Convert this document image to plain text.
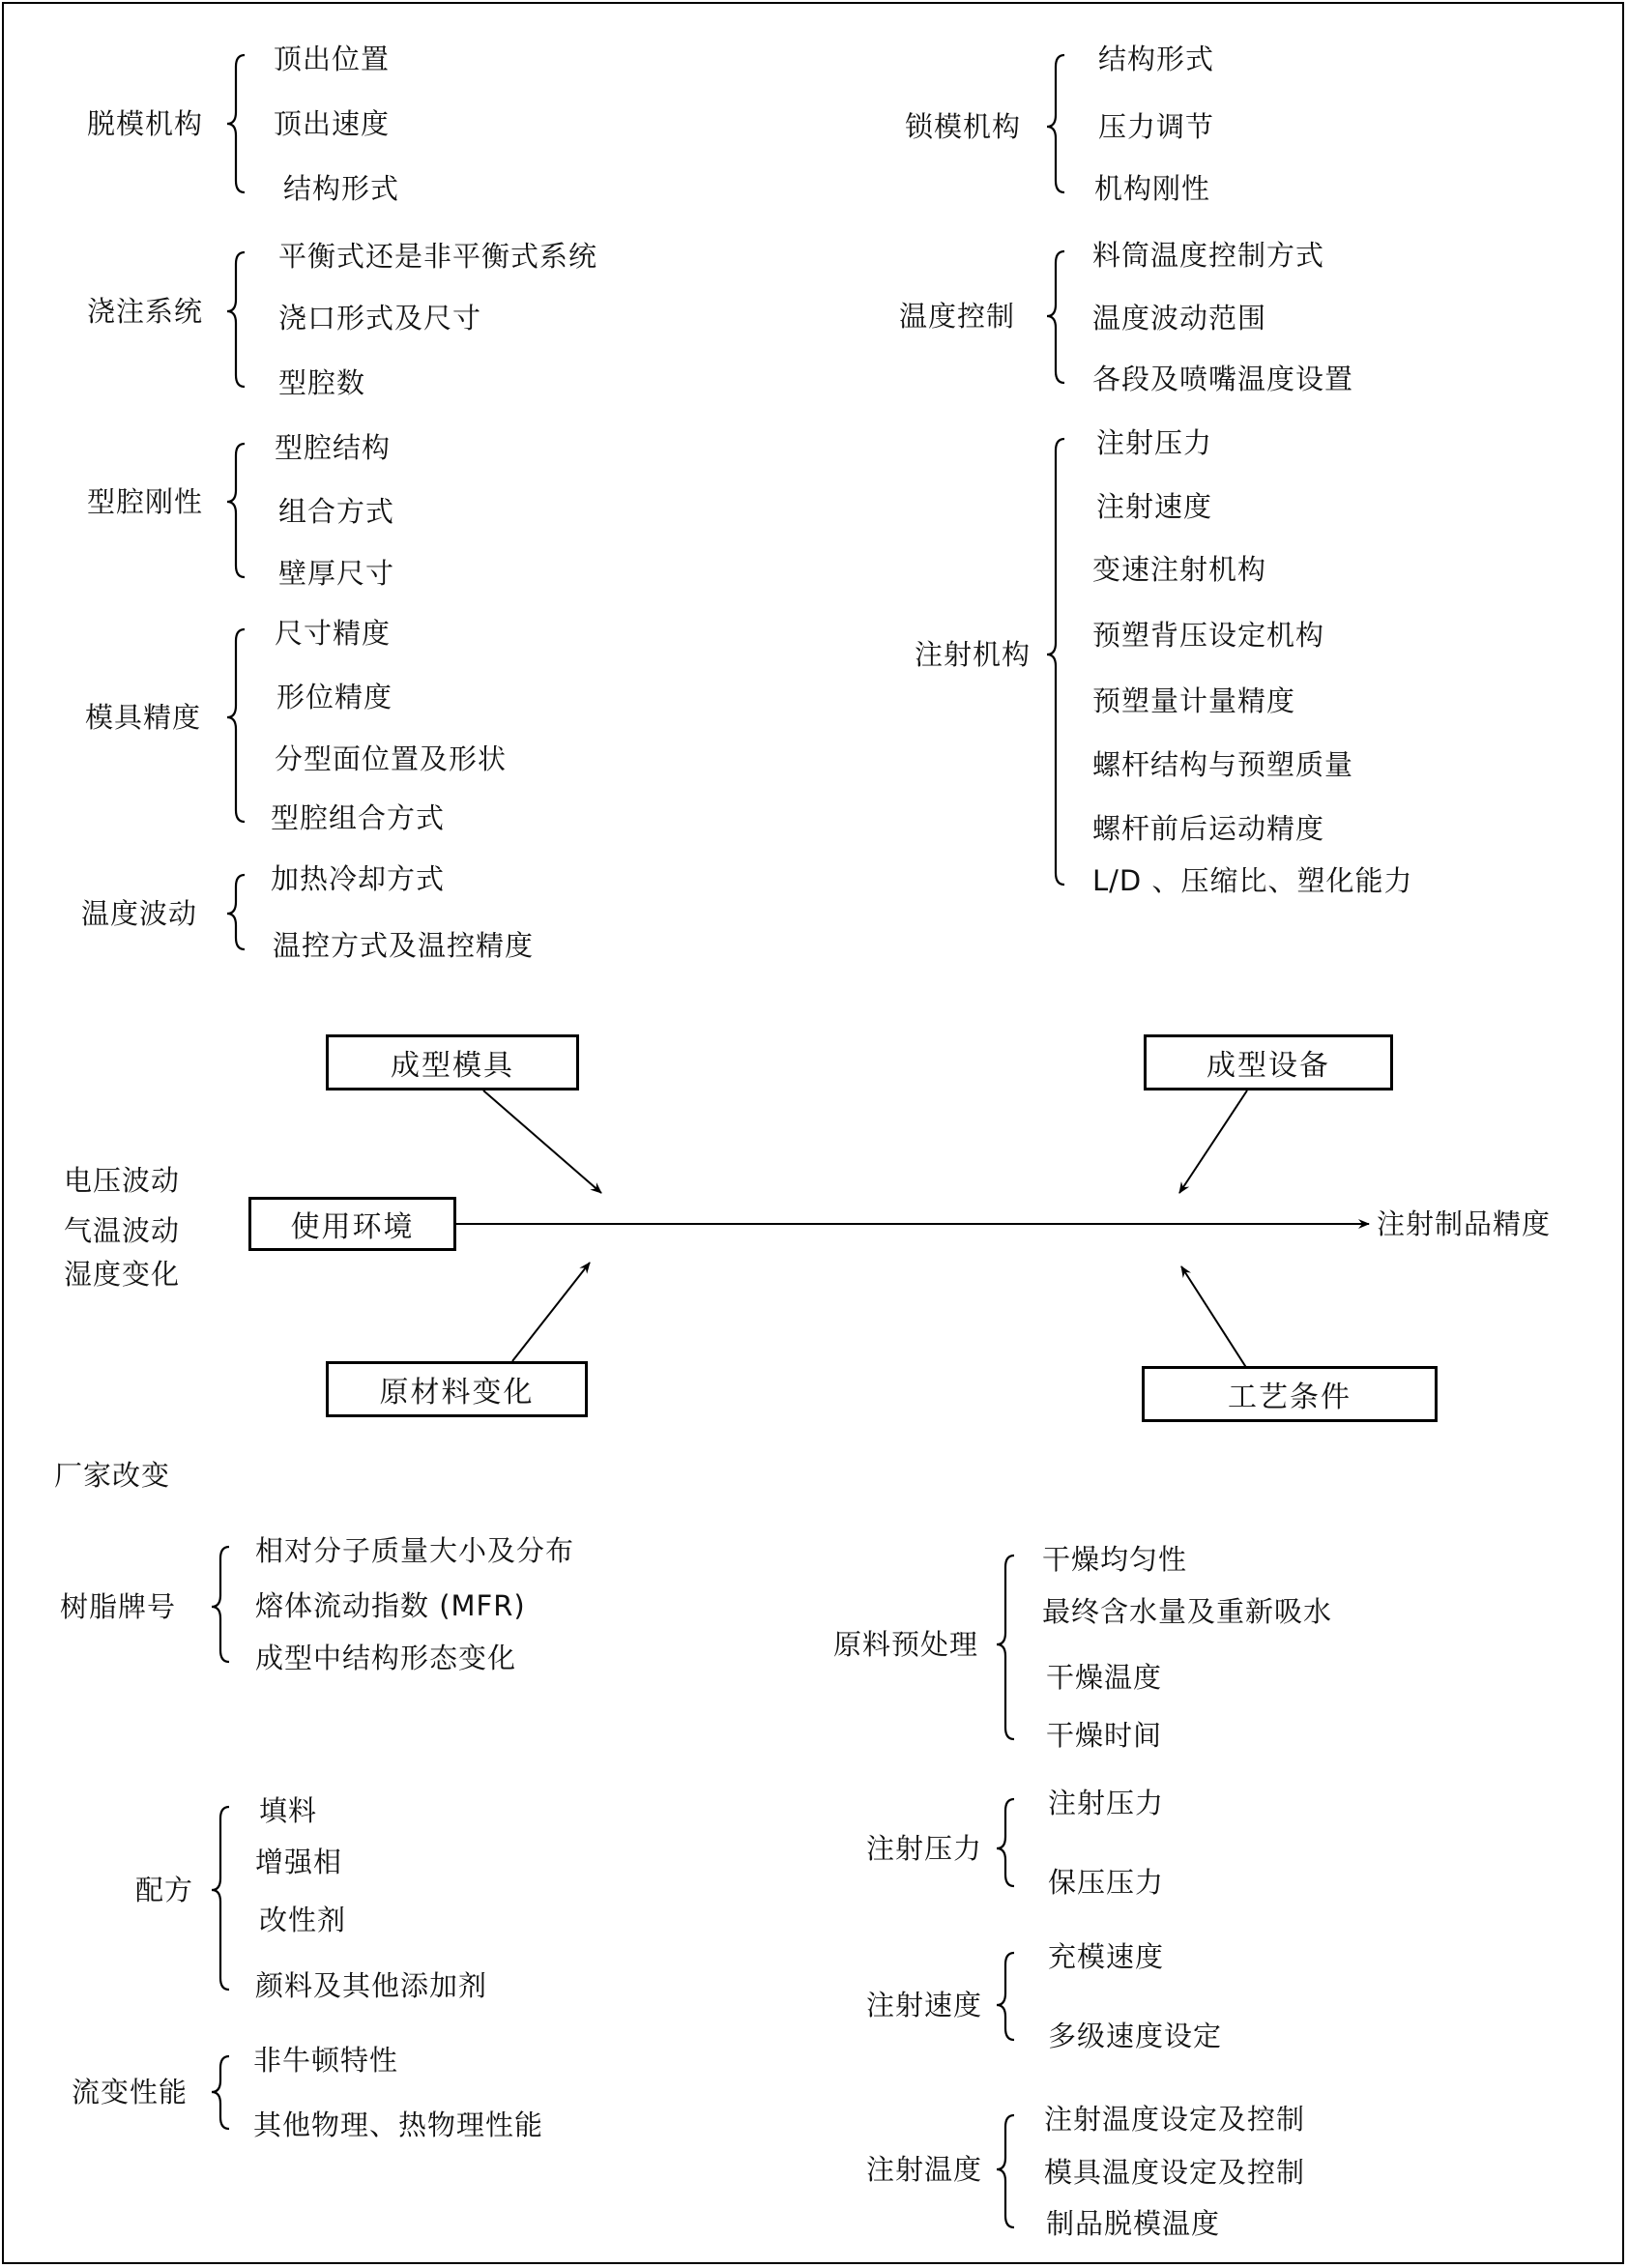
成型模具	成型设备
使用环境
原材料变化	工艺条件
注射制品精度
电压波动
气温波动
湿度变化
厂家改变
脱模机构
顶出位置
顶出速度
结构形式
浇注系统
平衡式还是非平衡式系统
浇口形式及尺寸
型腔数
型腔刚性
型腔结构
组合方式
壁厚尺寸
模具精度
尺寸精度
形位精度
分型面位置及形状
型腔组合方式
温度波动
加热冷却方式
温控方式及温控精度
锁模机构
结构形式
压力调节
机构刚性
温度控制
料筒温度控制方式
温度波动范围
各段及喷嘴温度设置
注射机构
注射压力
注射速度
变速注射机构
预塑背压设定机构
预塑量计量精度
螺杆结构与预塑质量
螺杆前后运动精度
L/D 、压缩比、塑化能力
树脂牌号
相对分子质量大小及分布
熔体流动指数 (MFR)
成型中结构形态变化
配方
填料
增强相
改性剂
颜料及其他添加剂
流变性能
非牛顿特性
其他物理、热物理性能
原料预处理
干燥均匀性
最终含水量及重新吸水
干燥温度
干燥时间
注射压力
注射压力
保压压力
注射速度
充模速度
多级速度设定
注射温度
注射温度设定及控制
模具温度设定及控制
制品脱模温度
